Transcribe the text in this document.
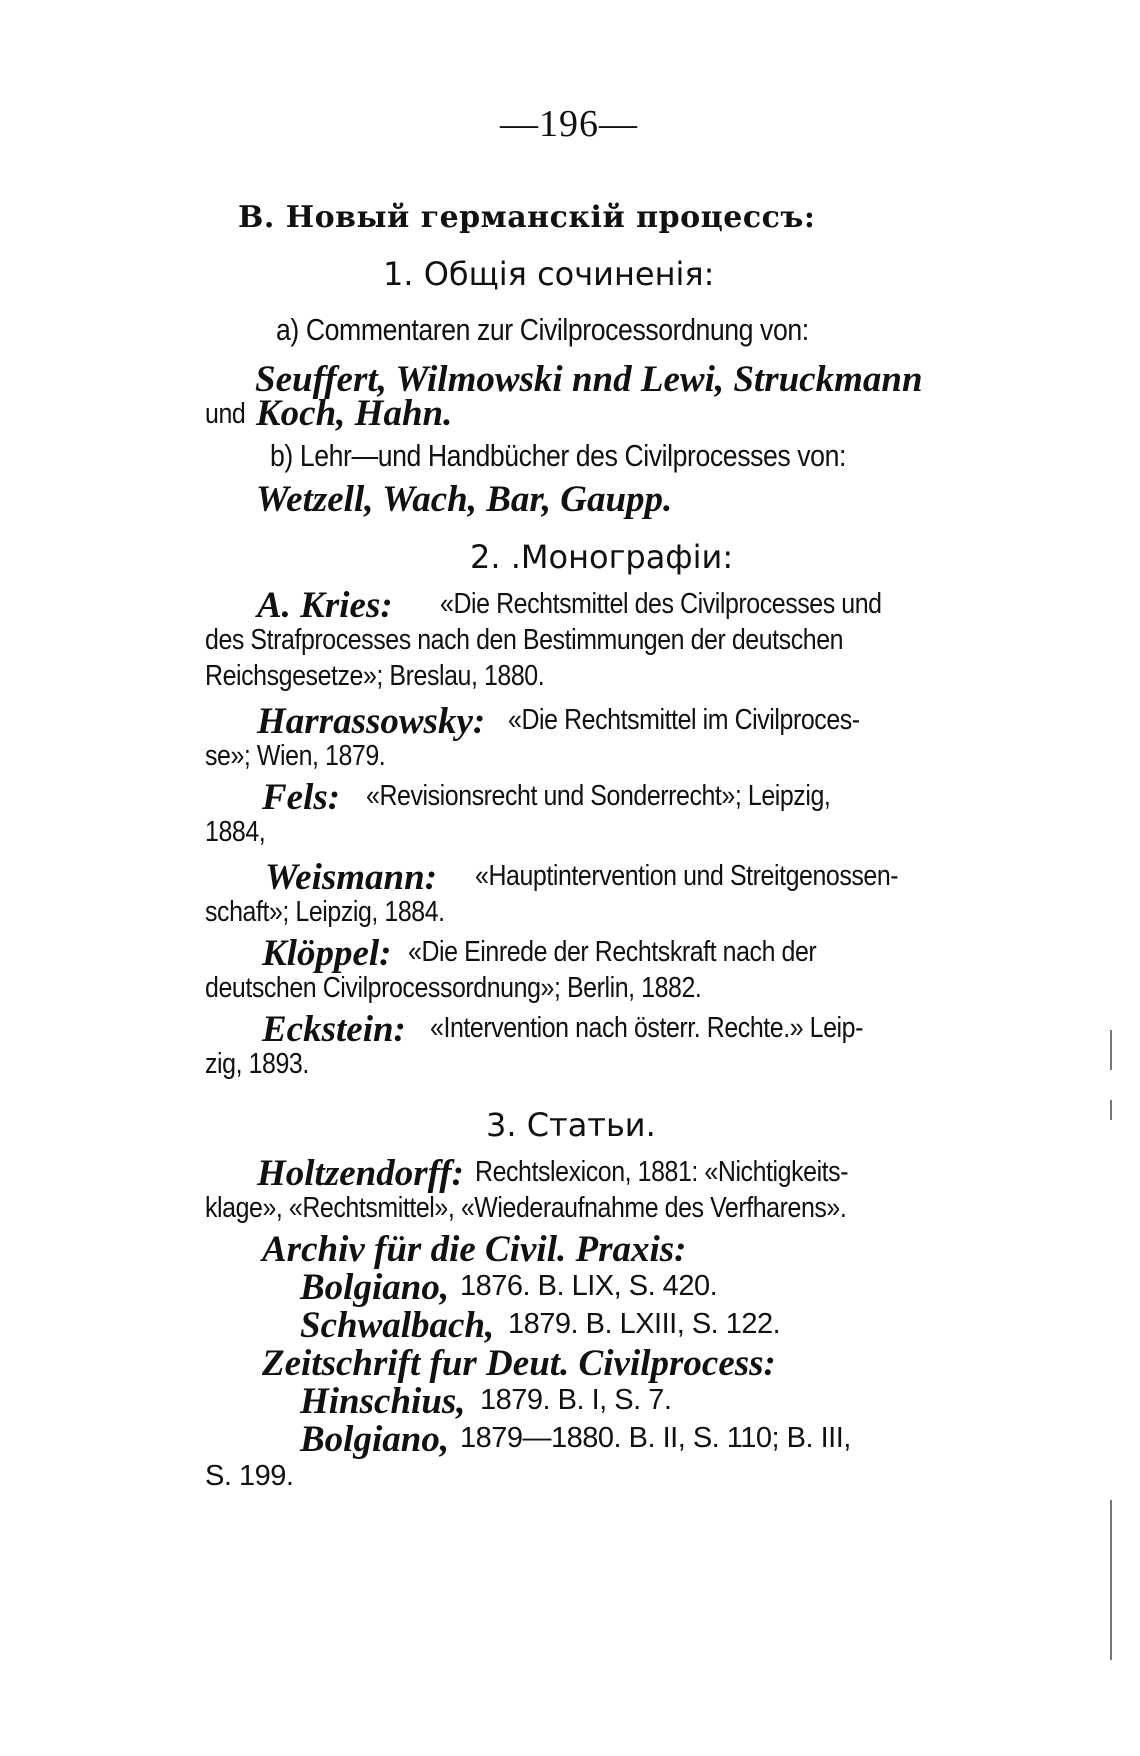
—196—
B. Новый германскій процессъ:
1. Общія сочиненія:
a) Commentaren zur Civilprocessordnung von:
Seuffert, Wilmowski nnd Lewi, Struckmann
und Koch, Hahn.
b) Lehr—und Handbücher des Civilprocesses von:
Wetzell, Wach, Bar, Gaupp.
2. .Монографіи:
A. Kries: «Die Rechtsmittel des Civilprocesses und
des Strafprocesses nach den Bestimmungen der deutschen
Reichsgesetze»; Breslau, 1880.
Harrassowsky: «Die Rechtsmittel im Civilproces-
se»; Wien, 1879.
Fels: «Revisionsrecht und Sonderrecht»; Leipzig,
1884,
Weismann: «Hauptintervention und Streitgenossen-
schaft»; Leipzig, 1884.
Klöppel: «Die Einrede der Rechtskraft nach der
deutschen Civilprocessordnung»; Berlin, 1882.
Eckstein: «Intervention nach österr. Rechte.» Leip-
zig, 1893.
3. Статьи.
Holtzendorff: Rechtslexicon, 1881: «Nichtigkeits-
klage», «Rechtsmittel», «Wiederaufnahme des Verfharens».
Archiv für die Civil. Praxis:
Bolgiano, 1876. B. LIX, S. 420.
Schwalbach, 1879. B. LXIII, S. 122.
Zeitschrift fur Deut. Civilprocess:
Hinschius, 1879. B. I, S. 7.
Bolgiano, 1879—1880. B. II, S. 110; B. III,
S. 199.
